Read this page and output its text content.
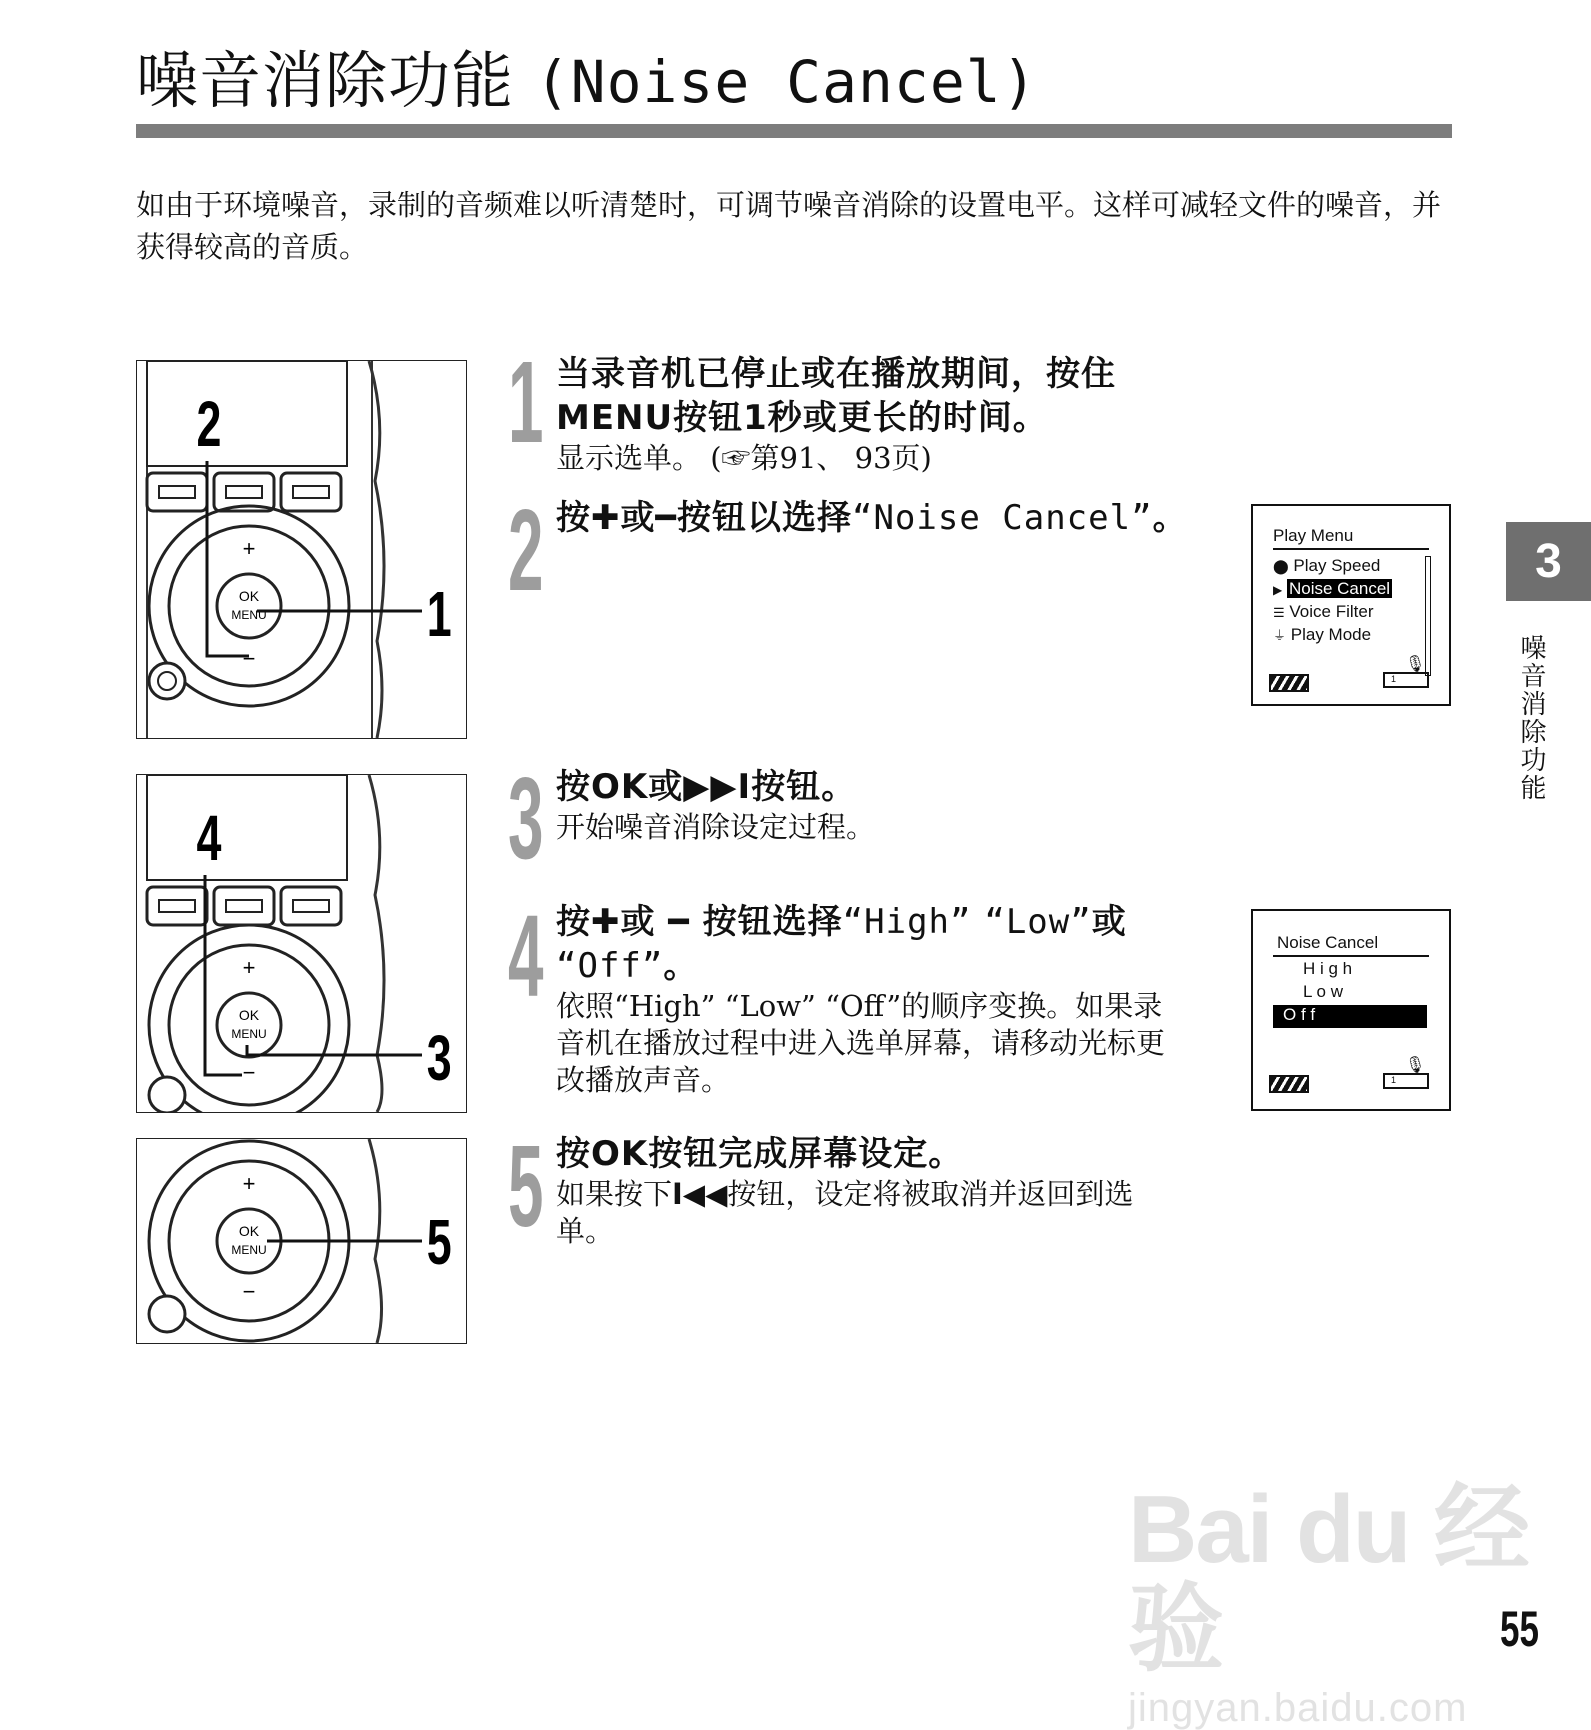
噪音消除功能 (Noise Cancel)
如由于环境噪音，录制的音频难以听清楚时，可调节噪音消除的设置电平。这样可减轻文件的噪音，并获得较高的音质。
OK
MENU
+
−
2
1
OK
MENU
+
−
4
3
OK
MENU
+
−
5
1 当录音机已停止或在播放期间，按住
MENU按钮1秒或更长的时间。
显示选单。 (☞第91、 93页)
2 按✚或━按钮以选择“Noise Cancel”。	Play Menu
⬤ Play Speed
▶ Noise Cancel
☰ Voice Filter
⏚ Play Mode
🎙
1
3 按OK或▶▶I按钮。
开始噪音消除设定过程。
4 按✚或 ━ 按钮选择“High” “Low”或
“Off”。
依照“High” “Low” “Off”的顺序变换。如果录音机在播放过程中进入选单屏幕，请移动光标更改播放声音。
Noise Cancel
H i g h
L o w
O f f
🎙
1
5 按OK按钮完成屏幕设定。
如果按下I◀◀按钮，设定将被取消并返回到选单。
3
噪音消除功能
Bai du 经验
jingyan.baidu.com
55
